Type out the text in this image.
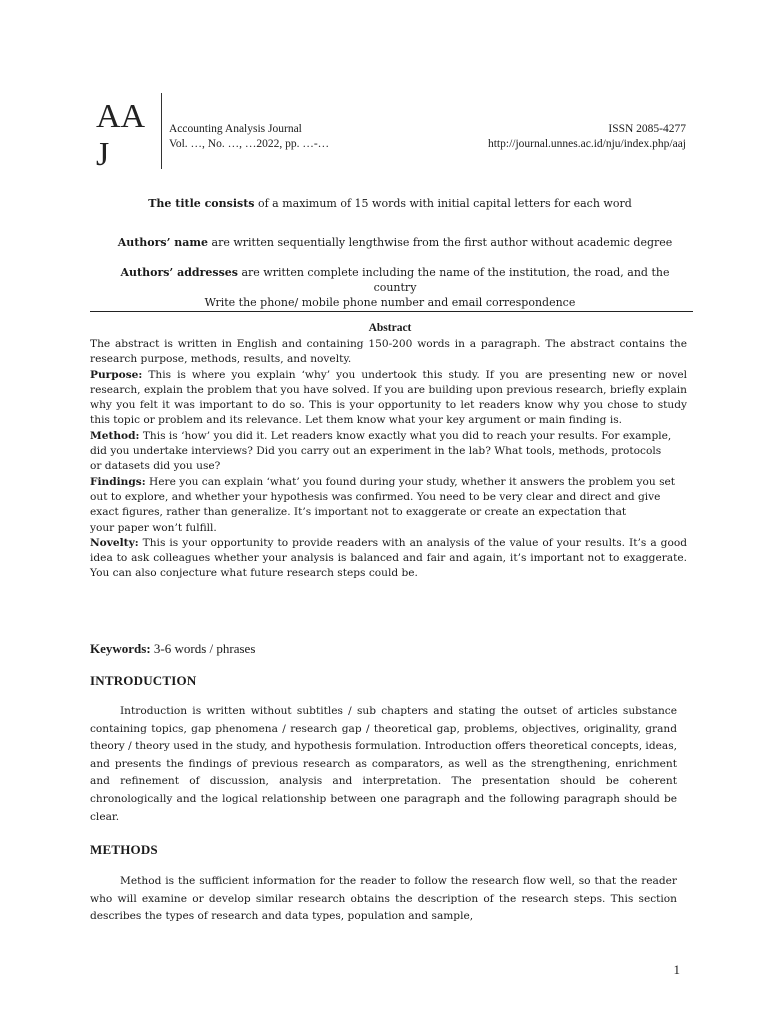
AA
J
Accounting Analysis Journal
Vol. …, No. …, …2022, pp. …-…
ISSN 2085-4277
http://journal.unnes.ac.id/nju/index.php/aaj
The title consists of a maximum of 15 words with initial capital letters for each word
Authors’ name are written sequentially lengthwise from the first author without academic degree
Authors’ addresses are written complete including the name of the institution, the road, and the country
Write the phone/ mobile phone number and email correspondence
Abstract

The abstract is written in English and containing 150-200 words in a paragraph. The abstract contains the research purpose, methods, results, and novelty.

Purpose: This is where you explain ‘why’ you undertook this study. If you are presenting new or novel research, explain the problem that you have solved. If you are building upon previous research, briefly explain why you felt it was important to do so. This is your opportunity to let readers know why you chose to study this topic or problem and its relevance. Let them know what your key argument or main finding is.

Method: This is ‘how’ you did it. Let readers know exactly what you did to reach your results. For example, did you undertake interviews? Did you carry out an experiment in the lab? What tools, methods, protocols

or datasets did you use?

Findings: Here you can explain ‘what’ you found during your study, whether it answers the problem you set out to explore, and whether your hypothesis was confirmed. You need to be very clear and direct and give exact figures, rather than generalize. It’s important not to exaggerate or create an expectation that

your paper won’t fulfill.

Novelty: This is your opportunity to provide readers with an analysis of the value of your results. It’s a good idea to ask colleagues whether your analysis is balanced and fair and again, it’s important not to exaggerate. You can also conjecture what future research steps could be.

Keywords: 3-6 words / phrases
INTRODUCTION

Introduction is written without subtitles / sub chapters and stating the outset of articles substance containing topics, gap phenomena / research gap / theoretical gap, problems, objectives, originality, grand theory / theory used in the study, and hypothesis formulation. Introduction offers theoretical concepts, ideas, and presents the findings of previous research as comparators, as well as the strengthening, enrichment and refinement of discussion, analysis and interpretation. The presentation should be coherent chronologically and the logical relationship between one paragraph and the following paragraph should be clear.

METHODS

Method is the sufficient information for the reader to follow the research flow well, so that the reader who will examine or develop similar research obtains the description of the research steps. This section describes the types of research and data types, population and sample,

1
